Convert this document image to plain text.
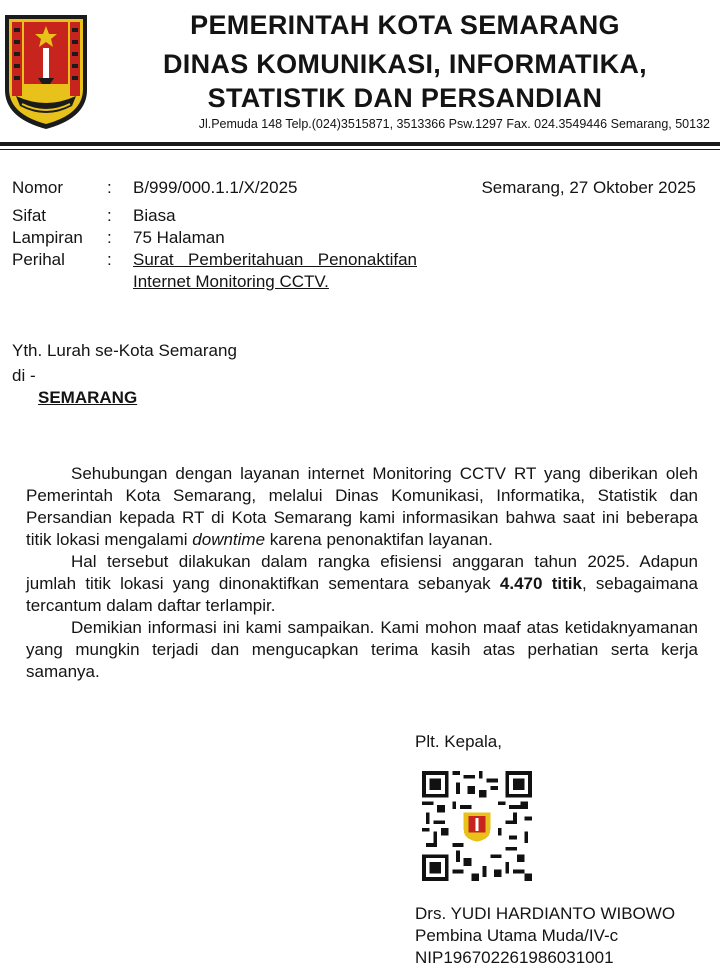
PEMERINTAH KOTA SEMARANG
DINAS KOMUNIKASI, INFORMATIKA,
STATISTIK DAN PERSANDIAN
Jl.Pemuda 148 Telp.(024)3515871, 3513366 Psw.1297 Fax. 024.3549446 Semarang, 50132
Semarang, 27 Oktober 2025
Nomor	: B/999/000.1.1/X/2025
Sifat	: Biasa
Lampiran : 75 Halaman
Perihal : Surat Pemberitahuan Penonaktifan Internet Monitoring CCTV.
Yth. Lurah se-Kota Semarang
di -
SEMARANG

Sehubungan dengan layanan internet Monitoring CCTV RT yang diberikan oleh Pemerintah Kota Semarang, melalui Dinas Komunikasi, Informatika, Statistik dan Persandian kepada RT di Kota Semarang kami informasikan bahwa saat ini beberapa titik lokasi mengalami downtime karena penonaktifan layanan.

Hal tersebut dilakukan dalam rangka efisiensi anggaran tahun 2025. Adapun jumlah titik lokasi yang dinonaktifkan sementara sebanyak 4.470 titik, sebagaimana tercantum dalam daftar terlampir.

Demikian informasi ini kami sampaikan. Kami mohon maaf atas ketidaknyamanan yang mungkin terjadi dan mengucapkan terima kasih atas perhatian serta kerja samanya.

Plt. Kepala,
Drs. YUDI HARDIANTO WIBOWO
Pembina Utama Muda/IV-c
NIP196702261986031001
